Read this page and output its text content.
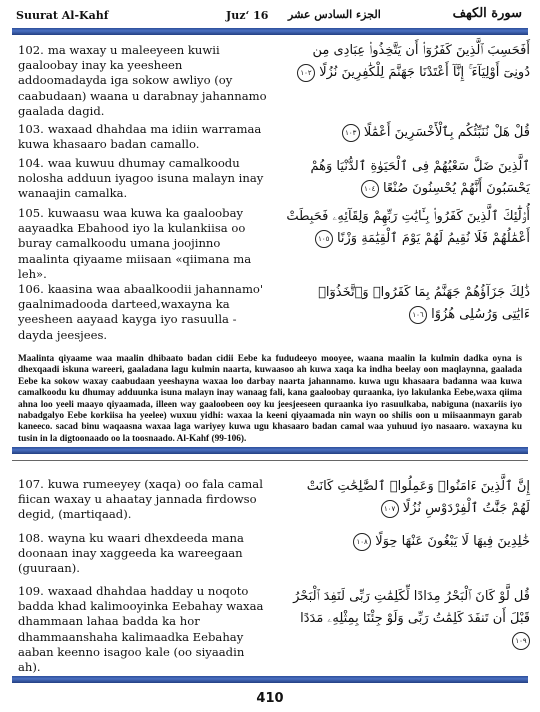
Suurat Al-Kahf	Juz‘ 16 الجزء السادس عشر	سورة الكهف
102. ma waxay u maleeyeen kuwii gaaloobay inay ka yeesheen addoomadayda iga sokow awliyo (oy caabudaan) waana u darabnay jahannamo gaalada dagid.
103. waxaad dhahdaa ma idiin warramaa kuwa khasaaro badan camallo.
104. waa kuwuu dhumay camalkoodu nolosha adduun iyagoo isuna malayn inay wanaajin camalka.
105. kuwaasu waa kuwa ka gaaloobay aayaadka Ebahood iyo la kulankiisa oo buray camalkoodu umana joojinno maalinta qiyaame miisaan «qiimana ma leh».
106. kaasina waa abaalkoodii jahannamo' gaalnimadooda darteed,waxayna ka yeesheen aayaad kayga iyo rasuulla - dayda jeesjees.
أَفَحَسِبَ ٱلَّذِينَ كَفَرُوٓا۟ أَن يَتَّخِذُوا۟ عِبَادِى مِن دُونِىٓ أَوْلِيَآءَ ۚ إِنَّآ أَعْتَدْنَا جَهَنَّمَ لِلْكَٰفِرِينَ نُزُلًا ١٠٢
قُلْ هَلْ نُنَبِّئُكُم بِٱلْأَخْسَرِينَ أَعْمَٰلًا ١٠٣
ٱلَّذِينَ ضَلَّ سَعْيُهُمْ فِى ٱلْحَيَوٰةِ ٱلدُّنْيَا وَهُمْ يَحْسَبُونَ أَنَّهُمْ يُحْسِنُونَ صُنْعًا ١٠٤
أُو۟لَٰٓئِكَ ٱلَّذِينَ كَفَرُوا۟ بِـَٔايَٰتِ رَبِّهِمْ وَلِقَآئِهِۦ فَحَبِطَتْ أَعْمَٰلُهُمْ فَلَا نُقِيمُ لَهُمْ يَوْمَ ٱلْقِيَٰمَةِ وَزْنًا ١٠٥
ذَٰلِكَ جَزَآؤُهُمْ جَهَنَّمُ بِمَا كَفَرُوا۟ وَٱتَّخَذُوٓا۟ ءَايَٰتِى وَرُسُلِى هُزُوًا ١٠٦
Maalinta qiyaame waa maalin dhibaato badan cidii Eebe ka fududeeyo mooyee, waana maalin la kulmin dadka oyna is dhexqaadi iskuna wareeri, gaaladana lagu kulmin naarta, kuwaasoo ah kuwa xaqa ka indha beelay oon maqlaynna, gaalada Eebe ka sokow waxay caabudaan yeeshayna waxaa loo darbay naarta jahannamo. kuwa ugu khasaara badanna waa kuwa camalkoodu ku dhumay adduunka isuna malayn inay wanaag fali, kana gaaloobay quraanka, iyo lakulanka Eebe,waxa qiima ahna loo yeeli maayo qiyaamada, illeen way gaaloobeen ooy ku jeesjeeseen quraanka iyo rasuulkaba, nabiguna (naxariis iyo nabadgalyo Eebe korkiisa ha yeelee) wuxuu yidhi: waxaa la keeni qiyaamada nin wayn oo shilis oon u miisaanmayn garab kaneeco. sacad binu waqaasna waxaa laga wariyey kuwa ugu khasaaro badan camal waa yuhuud iyo nasaaro. waxayna ku tusin in la digtoonaado oo la toosnaado. Al-Kahf (99-106).
107. kuwa rumeeyey (xaqa) oo fala camal fiican waxay u ahaatay jannada firdowso degid, (martiqaad).
108. wayna ku waari dhexdeeda mana doonaan inay xaggeeda ka wareegaan (guuraan).
109. waxaad dhahdaa hadday u noqoto badda khad kalimooyinka Eebahay waxaa dhammaan lahaa badda ka hor dhammaanshaha kalimaadka Eebahay aaban keenno isagoo kale (oo siyaadin ah).
إِنَّ ٱلَّذِينَ ءَامَنُوا۟ وَعَمِلُوا۟ ٱلصَّٰلِحَٰتِ كَانَتْ لَهُمْ جَنَّٰتُ ٱلْفِرْدَوْسِ نُزُلًا ١٠٧
خَٰلِدِينَ فِيهَا لَا يَبْغُونَ عَنْهَا حِوَلًا ١٠٨
قُل لَّوْ كَانَ ٱلْبَحْرُ مِدَادًا لِّكَلِمَٰتِ رَبِّى لَنَفِدَ ٱلْبَحْرُ قَبْلَ أَن تَنفَدَ كَلِمَٰتُ رَبِّى وَلَوْ جِئْنَا بِمِثْلِهِۦ مَدَدًا ١٠٩
410
